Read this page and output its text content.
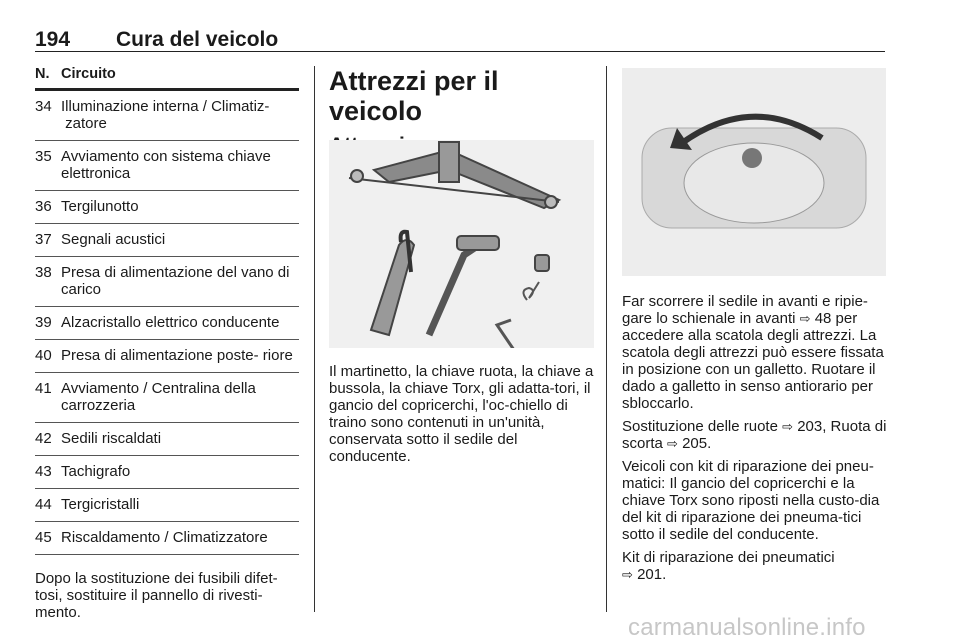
194 Cura del veicolo
N. Circuito
34 Illuminazione interna / Climatiz- zatore
35 Avviamento con sistema chiave elettronica
36 Tergilunotto
37 Segnali acustici
38 Presa di alimentazione del vano di carico
39 Alzacristallo elettrico conducente
40 Presa di alimentazione poste- riore
41 Avviamento / Centralina della carrozzeria
42 Sedili riscaldati
43 Tachigrafo
44 Tergicristalli
45 Riscaldamento / Climatizzatore
Dopo la sostituzione dei fusibili difet-tosi, sostituire il pannello di rivesti-mento.
Attrezzi per il veicolo
Il martinetto, la chiave ruota, la chiave a bussola, la chiave Torx, gli adatta-tori, il gancio del copricerchi, l'oc-chiello di traino sono contenuti in un'unità, conservata sotto il sedile del conducente.

Far scorrere il sedile in avanti e ripie-gare lo schienale in avanti ⇨ 48 per accedere alla scatola degli attrezzi. La scatola degli attrezzi può essere fissata in posizione con un galletto. Ruotare il dado a galletto in senso antiorario per sbloccarlo.

Sostituzione delle ruote ⇨ 203, Ruota di scorta ⇨ 205.

Veicoli con kit di riparazione dei pneu-matici: Il gancio del copricerchi e la chiave Torx sono riposti nella custo-dia del kit di riparazione dei pneuma-tici sotto il sedile del conducente.

Kit di riparazione dei pneumatici
⇨ 201.

carmanualsonline.info
